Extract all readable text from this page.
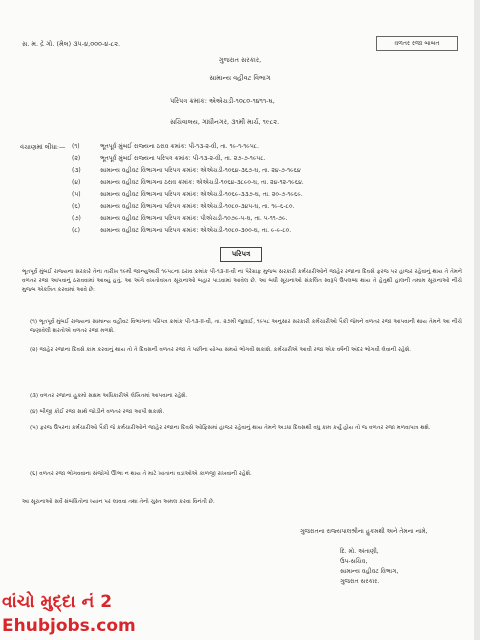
સ. મ. દ્રે ગો. (મેલ) ૩૫-૪,૦૦૦-૪-૮૨.	વળતર રજા બાબત
ગુજરાત સરકાર,
સામાન્ય વહીવટ વિભાગ
પરિપત્ર ક્રમાંક: એએચડી-૧૦૮૦-૧૪૧૧-ઘ,
સચિવાલય, ગાંધીનગર, ૩૧મી માર્ચ, ૧૯૮૨.
વંચાણમાં લીધાઃ— (૧)	ભૂતપૂર્વ મુંબઈ રાજ્યના ઠરાવ ક્રમાંક: પી-૧૩-૨-વી, તા. ૧૯-૧-૧૯૫૮.
(૨)	ભૂતપૂર્વ મુંબઈ રાજ્યના પરિપત્ર ક્રમાંક: પી-૧૩-૨-વી, તા. ૨૭-૭-૧૯૫૮.
(૩)	સામાન્ય વહીવટ વિભાગના પરિપત્ર ક્રમાંક: એએચડી-૧૦૬૪-૩૬૭-ઘ, તા. ૨૪-૭-૧૯૬૪
(૪)	સામાન્ય વહીવટ વિભાગના ઠરાવ ક્રમાંક: એએચડી-૧૦૬૪-૩૮૯૦-ઘ, તા. ૨૪-૧૨-૧૯૬૪.
(૫)	સામાન્ય વહીવટ વિભાગના પરિપત્ર ક્રમાંક: એએચડી-૧૦૬૯-૩૩૭-ઘ, તા. ૨૦-૭-૧૯૬૯.
(૬)	સામાન્ય વહીવટ વિભાગના પરિપત્ર ક્રમાંક: એએચડી-૧૦૮૦-૩૪૫-ઘ, તા. ૧૯-૬-૮૦.
(૭)	સામાન્ય વહીવટ વિભાગના પરિપત્ર ક્રમાંક: પીએચડી-૧૦૭૯-૫-ઘ, તા. ૫-૧૧-૭૯.
(૮)	સામાન્ય વહીવટ વિભાગના પરિપત્ર ક્રમાંક: એએચડી-૧૦૮૦-૩૦૦-ઘ, તા. ૯-૯-૮૦.
પરિપત્ર
ભૂતપૂર્વ મુંબઈ રાજ્યના સરકારે તેના તારીખ ૧૯મી જાન્યુઆરી ૧૯૫૮ના ઠરાવ ક્રમાંક પી-૧૩-II-વી ના પેરેગ્રાફ મુજબ સરકારી કર્મચારીઓને જાહેર રજાના દિવસે ફરજ પર હાજર રહેવાનું થાય તે તેમને વળતર રજા આપવાનું ઠરાવવામાં આવ્યું હતું. આ અંગે વખતોવખત સૂચનાઓ બહાર પાડવામાં આવેલ છે. આ બધી સૂચનાઓ સંકલિત સ્વરૂપે ઉપલબ્ધ થાય તે હેતુથી હાલની તમામ સૂચનાઓ નીચે મુજબ એકત્રિત કરવામાં આવે છે:
(૧) ભૂતપૂર્વ મુંબઈ રાજ્યના સામાન્ય વહીવટ વિભાગના પરિપત્ર ક્રમાંક પી-૧૩-II-વી, તા. ૨૭મી જુલાઈ, ૧૯૫૮ અનુસાર સરકારી કર્મચારીઓ પૈકી જેમને વળતર રજા આપવાની થાય તેમને આ નીચે જણાવેલી શરતોએ વળતર રજા મળશે.
(૨) જાહેર રજાના દિવસે કામ કરવાનું થાય તો તે દિવસની વળતર રજા તે પછીના યોગ્ય સમયે ભોગવી શકાશે. કર્મચારીએ આવી રજા એક વર્ષની અંદર ભોગવી લેવાની રહેશે.
(૩) વળતર રજાના હુકમો સક્ષમ અધિકારીએ લેખિતમાં આપવાના રહેશે.
(૪) બીજી કોઈ રજા સાથે જોડીને વળતર રજા આપી શકાશે.
(૫) ફરજ ઉપરના કર્મચારીઓ પૈકી જે કર્મચારીઓને જાહેર રજાના દિવસે ઓફિસમાં હાજર રહેવાનું થાય તેમને અડધા દિવસથી વધુ કામ કર્યું હોય તો જ વળતર રજા મળવાપાત્ર થશે.
(૬) વળતર રજા ભોગવવાના સંજોગો ઊભા ન થાય તે માટે ખાતાના વડાઓએ કાળજી રાખવાની રહેશે.
આ સૂચનાઓ સર્વે સંબંધિતોના ધ્યાન પર લાવવા તથા તેનો ચુસ્ત અમલ કરવા વિનંતી છે.
ગુજરાતના રાજ્યપાલશ્રીના હુકમથી અને તેમના નામે,
દિ. મો. અંતાણી,
ઉપ-સચિવ,
સામાન્ય વહીવટ વિભાગ,
ગુજરાત સરકાર.
વાંચો મુદ્દા નં 2
Ehubjobs.com
